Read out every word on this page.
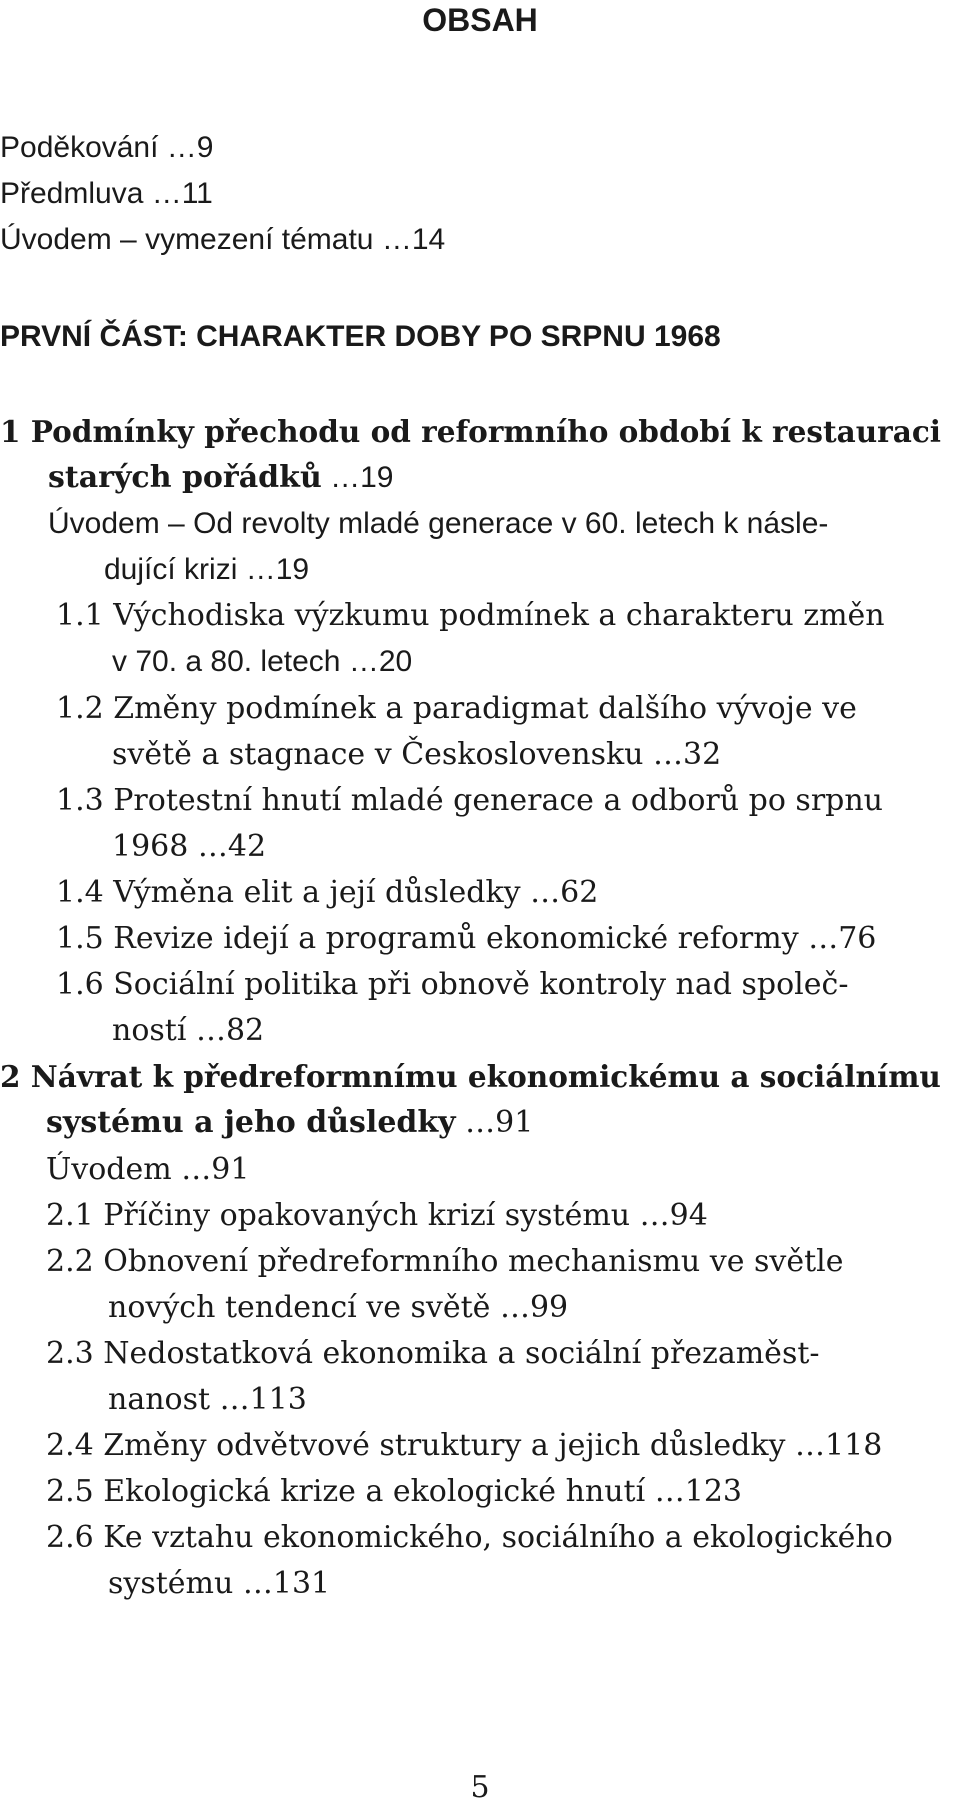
OBSAH
Poděkování …9
Předmluva …11
Úvodem – vymezení tématu …14
PRVNÍ ČÁST: CHARAKTER DOBY PO SRPNU 1968
1 Podmínky přechodu od reformního období k restauraci
starých pořádků …19
Úvodem – Od revolty mladé generace v 60. letech k násle-
dující krizi …19
1.1 Východiska výzkumu podmínek a charakteru změn
v 70. a 80. letech …20
1.2 Změny podmínek a paradigmat dalšího vývoje ve
světě a stagnace v Československu …32
1.3 Protestní hnutí mladé generace a odborů po srpnu
1968 …42
1.4 Výměna elit a její důsledky …62
1.5 Revize idejí a programů ekonomické reformy …76
1.6 Sociální politika při obnově kontroly nad společ-
ností …82
2 Návrat k předreformnímu ekonomickému a sociálnímu
systému a jeho důsledky …91
Úvodem …91
2.1 Příčiny opakovaných krizí systému …94
2.2 Obnovení předreformního mechanismu ve světle
nových tendencí ve světě …99
2.3 Nedostatková ekonomika a sociální přezaměst-
nanost …113
2.4 Změny odvětvové struktury a jejich důsledky …118
2.5 Ekologická krize a ekologické hnutí …123
2.6 Ke vztahu ekonomického, sociálního a ekologického
systému …131
5
